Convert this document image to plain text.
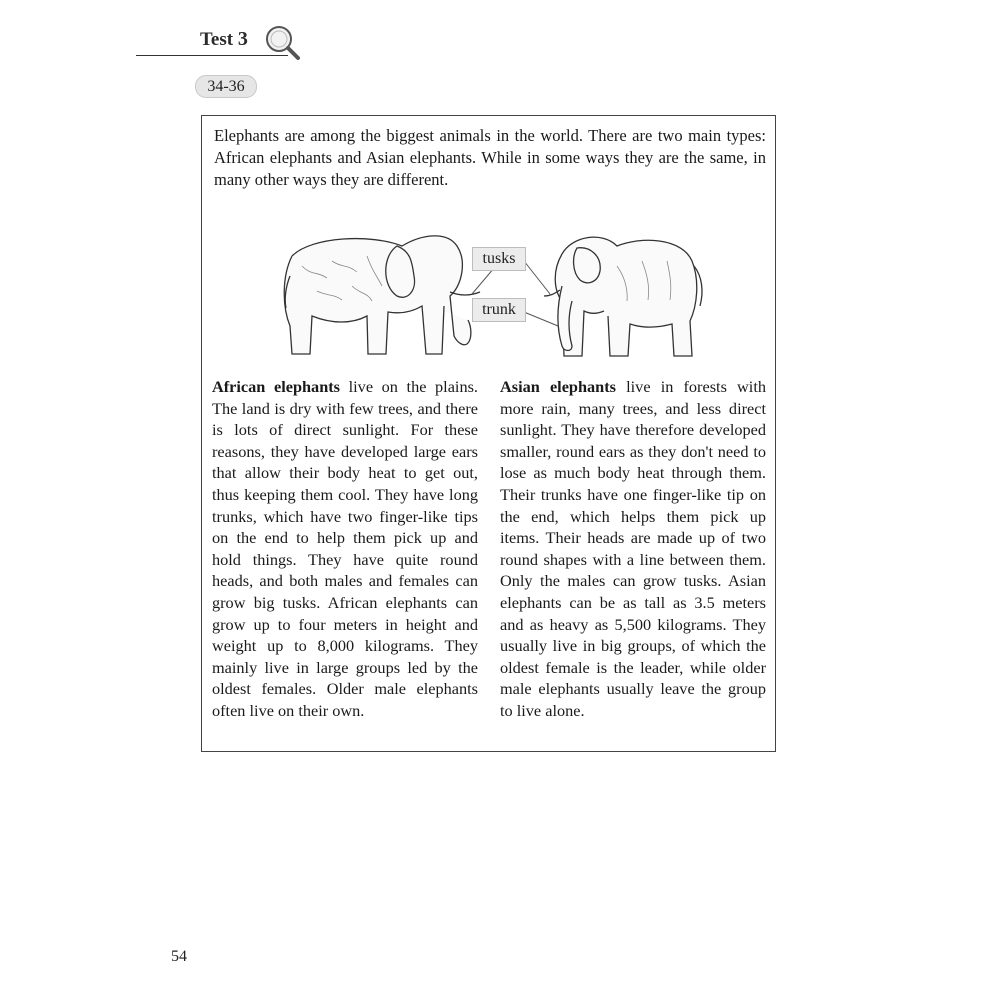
Test 3
34-36

Elephants are among the biggest animals in the world. There are two main types: African elephants and Asian elephants. While in some ways they are the same, in many other ways they are different.

tusks
trunk

African elephants live on the plains. The land is dry with few trees, and there is lots of direct sunlight. For these reasons, they have developed large ears that allow their body heat to get out, thus keeping them cool. They have long trunks, which have two finger-like tips on the end to help them pick up and hold things. They have quite round heads, and both males and females can grow big tusks. African elephants can grow up to four meters in height and weight up to 8,000 kilograms. They mainly live in large groups led by the oldest females. Older male elephants often live on their own.

Asian elephants live in forests with more rain, many trees, and less direct sunlight. They have therefore developed smaller, round ears as they don't need to lose as much body heat through them. Their trunks have one finger-like tip on the end, which helps them pick up items. Their heads are made up of two round shapes with a line between them. Only the males can grow tusks. Asian elephants can be as tall as 3.5 meters and as heavy as 5,500 kilograms. They usually live in big groups, of which the oldest female is the leader, while older male elephants usually leave the group to live alone.

54
